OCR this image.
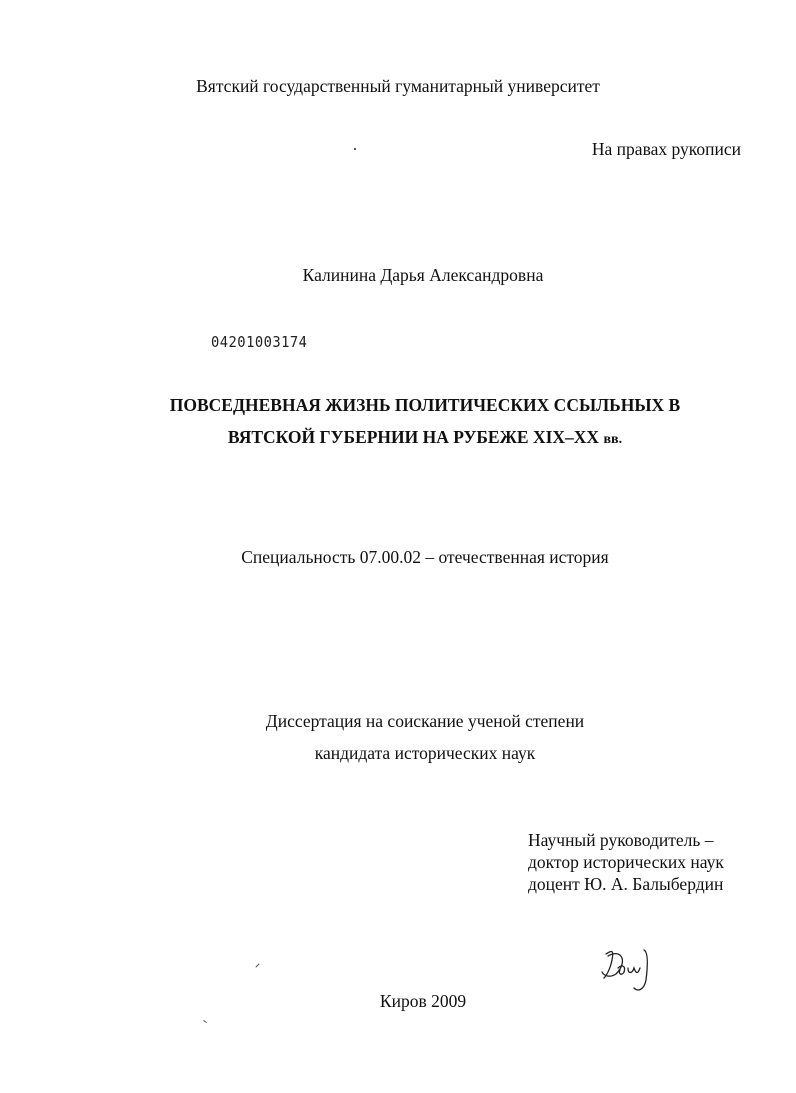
Вятский государственный гуманитарный университет
На правах рукописи
Калинина Дарья Александровна
04201003174
ПОВСЕДНЕВНАЯ ЖИЗНЬ ПОЛИТИЧЕСКИХ ССЫЛЬНЫХ В
ВЯТСКОЙ ГУБЕРНИИ НА РУБЕЖЕ XIX–XX вв.
Специальность 07.00.02 – отечественная история
Диссертация на соискание ученой степени
кандидата исторических наук
Научный руководитель –
доктор исторических наук
доцент Ю. А. Балыбердин
Киров 2009
